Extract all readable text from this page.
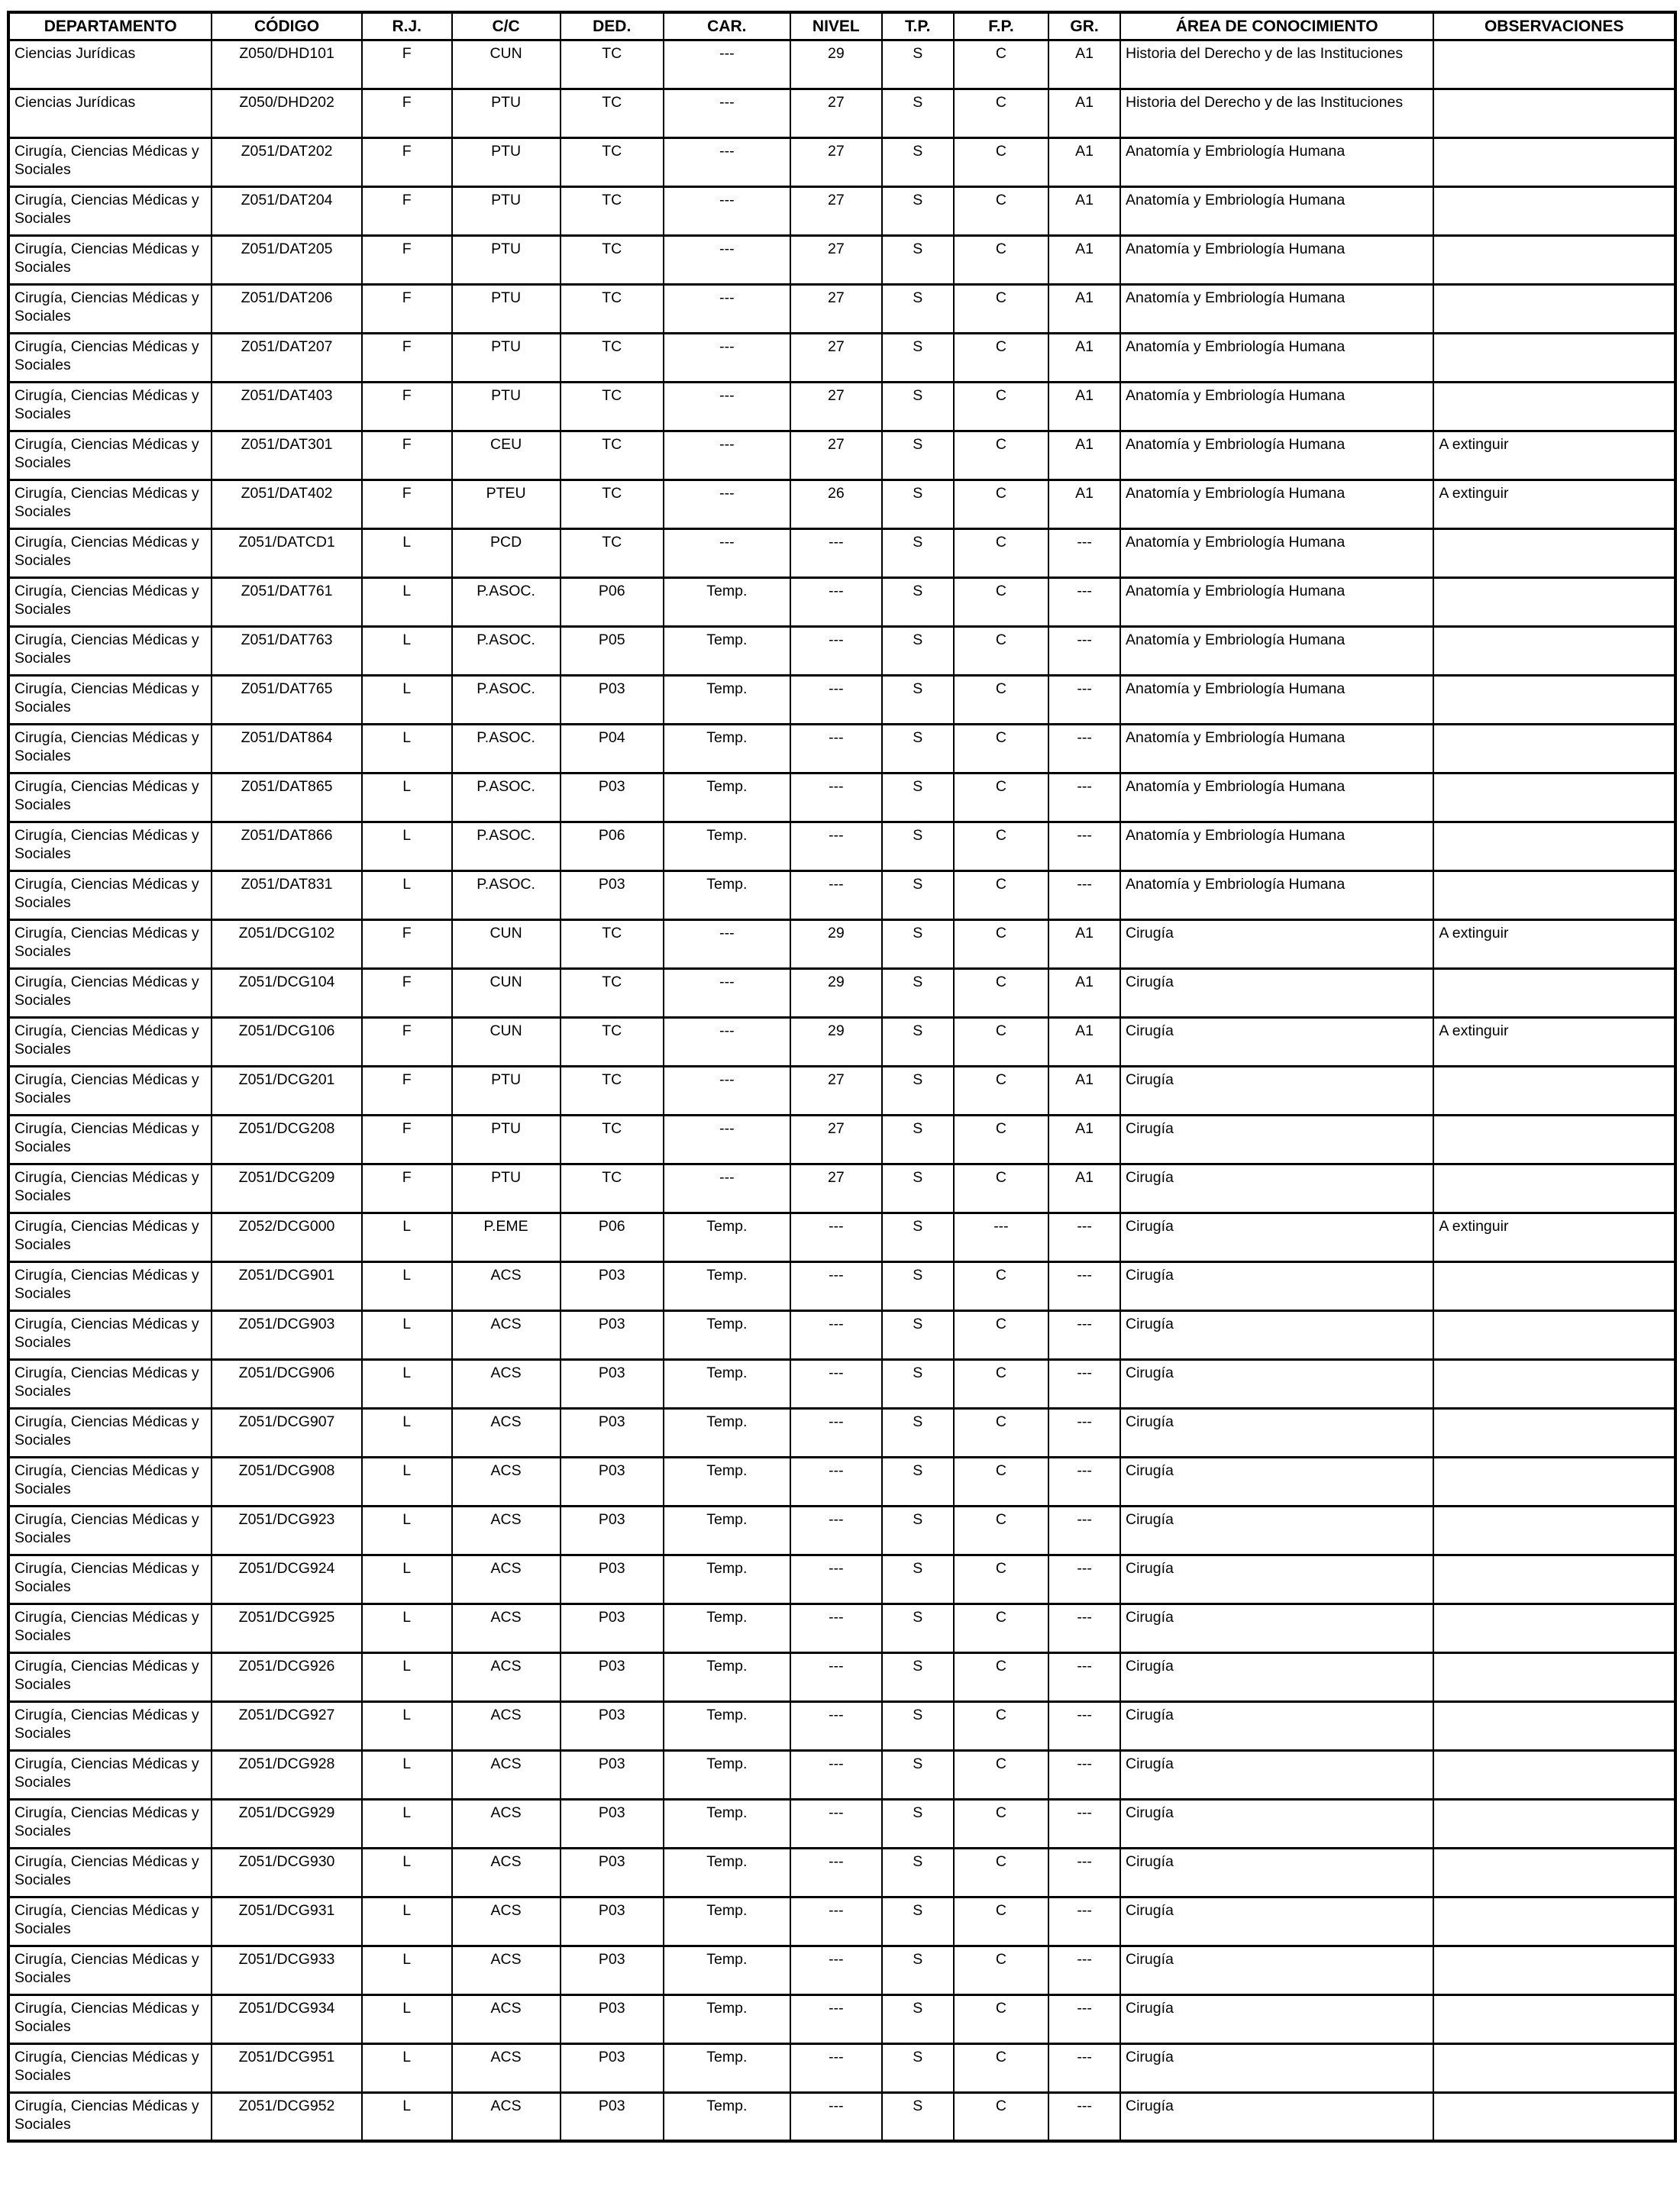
DEPARTAMENTO	CÓDIGO	R.J.	C/C	DED.	CAR.	NIVEL	T.P.	F.P.	GR.	ÁREA DE CONOCIMIENTO	OBSERVACIONES
Ciencias Jurídicas	Z050/DHD101	F	CUN	TC	---	29	S	C	A1	Historia del Derecho y de las Instituciones	
Ciencias Jurídicas	Z050/DHD202	F	PTU	TC	---	27	S	C	A1	Historia del Derecho y de las Instituciones	
Cirugía, Ciencias Médicas y Sociales	Z051/DAT202	F	PTU	TC	---	27	S	C	A1	Anatomía y Embriología Humana	
Cirugía, Ciencias Médicas y Sociales	Z051/DAT204	F	PTU	TC	---	27	S	C	A1	Anatomía y Embriología Humana	
Cirugía, Ciencias Médicas y Sociales	Z051/DAT205	F	PTU	TC	---	27	S	C	A1	Anatomía y Embriología Humana	
Cirugía, Ciencias Médicas y Sociales	Z051/DAT206	F	PTU	TC	---	27	S	C	A1	Anatomía y Embriología Humana	
Cirugía, Ciencias Médicas y Sociales	Z051/DAT207	F	PTU	TC	---	27	S	C	A1	Anatomía y Embriología Humana	
Cirugía, Ciencias Médicas y Sociales	Z051/DAT403	F	PTU	TC	---	27	S	C	A1	Anatomía y Embriología Humana	
Cirugía, Ciencias Médicas y Sociales	Z051/DAT301	F	CEU	TC	---	27	S	C	A1	Anatomía y Embriología Humana	A extinguir
Cirugía, Ciencias Médicas y Sociales	Z051/DAT402	F	PTEU	TC	---	26	S	C	A1	Anatomía y Embriología Humana	A extinguir
Cirugía, Ciencias Médicas y Sociales	Z051/DATCD1	L	PCD	TC	---	---	S	C	---	Anatomía y Embriología Humana	
Cirugía, Ciencias Médicas y Sociales	Z051/DAT761	L	P.ASOC.	P06	Temp.	---	S	C	---	Anatomía y Embriología Humana	
Cirugía, Ciencias Médicas y Sociales	Z051/DAT763	L	P.ASOC.	P05	Temp.	---	S	C	---	Anatomía y Embriología Humana	
Cirugía, Ciencias Médicas y Sociales	Z051/DAT765	L	P.ASOC.	P03	Temp.	---	S	C	---	Anatomía y Embriología Humana	
Cirugía, Ciencias Médicas y Sociales	Z051/DAT864	L	P.ASOC.	P04	Temp.	---	S	C	---	Anatomía y Embriología Humana	
Cirugía, Ciencias Médicas y Sociales	Z051/DAT865	L	P.ASOC.	P03	Temp.	---	S	C	---	Anatomía y Embriología Humana	
Cirugía, Ciencias Médicas y Sociales	Z051/DAT866	L	P.ASOC.	P06	Temp.	---	S	C	---	Anatomía y Embriología Humana	
Cirugía, Ciencias Médicas y Sociales	Z051/DAT831	L	P.ASOC.	P03	Temp.	---	S	C	---	Anatomía y Embriología Humana	
Cirugía, Ciencias Médicas y Sociales	Z051/DCG102	F	CUN	TC	---	29	S	C	A1	Cirugía	A extinguir
Cirugía, Ciencias Médicas y Sociales	Z051/DCG104	F	CUN	TC	---	29	S	C	A1	Cirugía	
Cirugía, Ciencias Médicas y Sociales	Z051/DCG106	F	CUN	TC	---	29	S	C	A1	Cirugía	A extinguir
Cirugía, Ciencias Médicas y Sociales	Z051/DCG201	F	PTU	TC	---	27	S	C	A1	Cirugía	
Cirugía, Ciencias Médicas y Sociales	Z051/DCG208	F	PTU	TC	---	27	S	C	A1	Cirugía	
Cirugía, Ciencias Médicas y Sociales	Z051/DCG209	F	PTU	TC	---	27	S	C	A1	Cirugía	
Cirugía, Ciencias Médicas y Sociales	Z052/DCG000	L	P.EME	P06	Temp.	---	S	---	---	Cirugía	A extinguir
Cirugía, Ciencias Médicas y Sociales	Z051/DCG901	L	ACS	P03	Temp.	---	S	C	---	Cirugía	
Cirugía, Ciencias Médicas y Sociales	Z051/DCG903	L	ACS	P03	Temp.	---	S	C	---	Cirugía	
Cirugía, Ciencias Médicas y Sociales	Z051/DCG906	L	ACS	P03	Temp.	---	S	C	---	Cirugía	
Cirugía, Ciencias Médicas y Sociales	Z051/DCG907	L	ACS	P03	Temp.	---	S	C	---	Cirugía	
Cirugía, Ciencias Médicas y Sociales	Z051/DCG908	L	ACS	P03	Temp.	---	S	C	---	Cirugía	
Cirugía, Ciencias Médicas y Sociales	Z051/DCG923	L	ACS	P03	Temp.	---	S	C	---	Cirugía	
Cirugía, Ciencias Médicas y Sociales	Z051/DCG924	L	ACS	P03	Temp.	---	S	C	---	Cirugía	
Cirugía, Ciencias Médicas y Sociales	Z051/DCG925	L	ACS	P03	Temp.	---	S	C	---	Cirugía	
Cirugía, Ciencias Médicas y Sociales	Z051/DCG926	L	ACS	P03	Temp.	---	S	C	---	Cirugía	
Cirugía, Ciencias Médicas y Sociales	Z051/DCG927	L	ACS	P03	Temp.	---	S	C	---	Cirugía	
Cirugía, Ciencias Médicas y Sociales	Z051/DCG928	L	ACS	P03	Temp.	---	S	C	---	Cirugía	
Cirugía, Ciencias Médicas y Sociales	Z051/DCG929	L	ACS	P03	Temp.	---	S	C	---	Cirugía	
Cirugía, Ciencias Médicas y Sociales	Z051/DCG930	L	ACS	P03	Temp.	---	S	C	---	Cirugía	
Cirugía, Ciencias Médicas y Sociales	Z051/DCG931	L	ACS	P03	Temp.	---	S	C	---	Cirugía	
Cirugía, Ciencias Médicas y Sociales	Z051/DCG933	L	ACS	P03	Temp.	---	S	C	---	Cirugía	
Cirugía, Ciencias Médicas y Sociales	Z051/DCG934	L	ACS	P03	Temp.	---	S	C	---	Cirugía	
Cirugía, Ciencias Médicas y Sociales	Z051/DCG951	L	ACS	P03	Temp.	---	S	C	---	Cirugía	
Cirugía, Ciencias Médicas y Sociales	Z051/DCG952	L	ACS	P03	Temp.	---	S	C	---	Cirugía	
